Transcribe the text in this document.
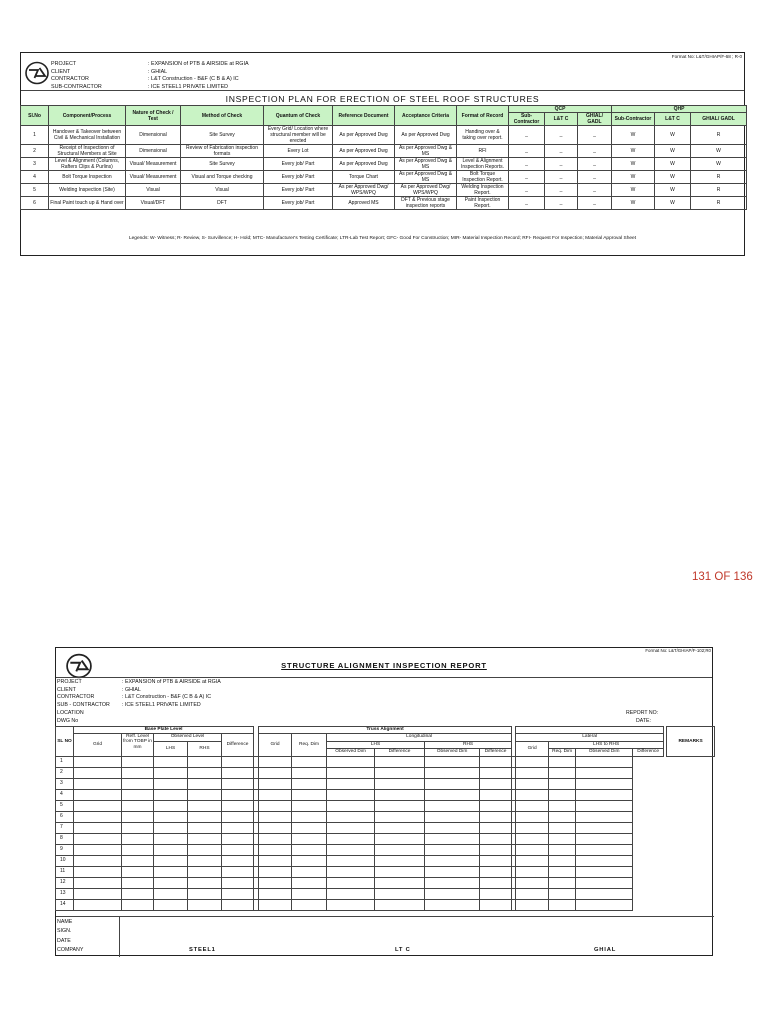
Format No: L&T/GHIAP/F-68 ; R-0
PROJECT
CLIENT
CONTRACTOR
SUB-CONTRACTOR
: EXPANSION of PTB & AIRSIDE at RGIA
: GHIAL
: L&T Construction - B&F (C B & A) IC
: ICE STEEL1 PRIVATE LIMITED
INSPECTION PLAN FOR ERECTION OF STEEL ROOF STRUCTURES
Sl.No	Component/Process	Nature of Check / Test	Method of Check	Quantum of Check	Reference Document	Acceptance Criteria	Format of Record	QCP			QHP		
								Sub-Contractor	L&T C	GHIAL/ GADL	Sub-Contractor	L&T C	GHIAL/ GADL
1	Handover & Takeover between Civil & Mechanical Installation	Dimensional	Site Survey	Every Grid/ Location where structural member will be erected	As per Approved Dwg	As per Approved Dwg	Handing over & taking over report.	_	_	_	W	W	R
2	Receipt of Inspectionn of Structural Members at Site	Dimensional	Review of Fabrication inspection formats	Every Lot	As per Approved Dwg	As per Approved Dwg & MS	RFI	_	_	_	W	W	W
3	Level & Alignment (Columns, Rafters Clips & Purlins)	Visual/ Measurement	Site Survey	Every job/ Part	As per Approved Dwg	As per Approved Dwg & MS	Level & Alignment Inspection Reports.	_	_	_	W	W	W
4	Bolt Torque Inspection	Visual/ Measurement	Visual and Torque checking	Every job/ Part	Torque Chart	As per Approved Dwg & MS	Bolt Torque Inspection Report.	_	_	_	W	W	R
5	Welding Inspection (Site)	Visual	Visual	Every job/ Part	As per Approved Dwg/ WPS/WPQ	As per Approved Dwg/ WPS/WPQ	Welding Inspection Report.	_	_	_	W	W	R
6	Final Paint touch up & Hand over	Visual/DFT	DFT	Every job/ Part	Approved MS	DFT & Previous stage inspection reports	Paint Inspection Report.	_	_	_	W	W	R
Legends: W- Witness; R- Review, S- Survillence; H- Hold; MTC- Manufacturer's Testing Certificate; LTR-Lab Test Report; GFC- Good For Construction; MIR- Material Inspection Record; RFI- Request For Inspection; Material Approval Sheet
131 OF 136
Format No: L&T/GHIAP/F-102;R0
STRUCTURE ALIGNMENT INSPECTION REPORT
PROJECT
CLIENT
CONTRACTOR
SUB - CONTRACTOR
LOCATION
DWG No
: EXPANSION of PTB & AIRSIDE at RGIA
: GHIAL
: L&T Construction - B&F (C B & A) IC
: ICE STEEL1 PRIVATE LIMITED
REPORT NO:
DATE:
SL NO	Base Plate Level						Truss Alignment												REMARKS
	Grid	Reff. Level from TOBP in mm	Observed Level		Difference		Grid	Req. Dim	Longitudinal					Lateral					
			LHS	RHS					LHS		RHS			Grid	LHS to RHS				
									Observed Dim	Difference	Observed Dim	Difference			Req. Dim	Observed Dim	Difference		
1																			
2																			
3																			
4																			
5																			
6																			
7																			
8																			
9																			
10																			
11																			
12																			
13																			
14																			
NAME
SIGN.
DATE
COMPANY	STEEL1	LT C	GHIAL
